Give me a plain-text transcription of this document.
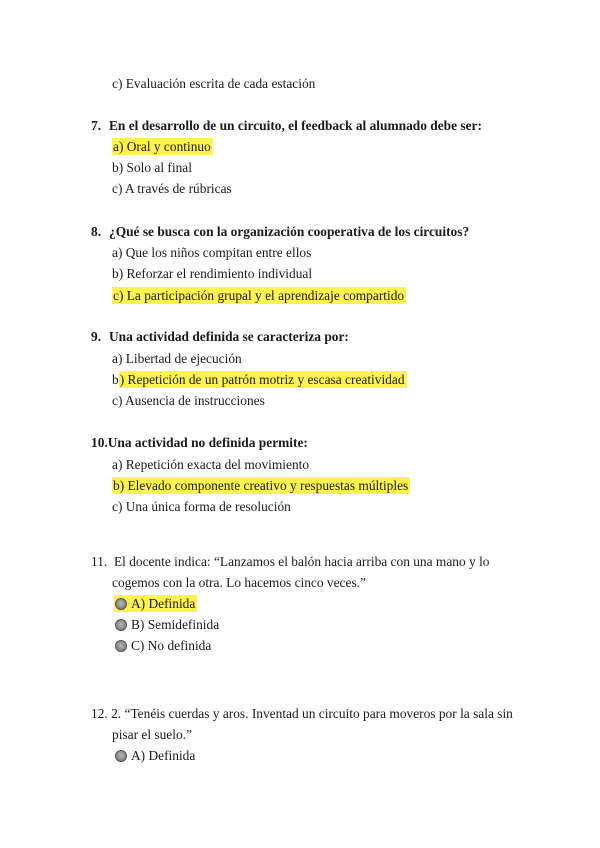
c) Evaluación escrita de cada estación
7. En el desarrollo de un circuito, el feedback al alumnado debe ser:
a) Oral y continuo
b) Solo al final
c) A través de rúbricas
8. ¿Qué se busca con la organización cooperativa de los circuitos?
a) Que los niños compitan entre ellos
b) Reforzar el rendimiento individual
c) La participación grupal y el aprendizaje compartido
9. Una actividad definida se caracteriza por:
a) Libertad de ejecución
b) Repetición de un patrón motriz y escasa creatividad
c) Ausencia de instrucciones
10.Una actividad no definida permite:
a) Repetición exacta del movimiento
b) Elevado componente creativo y respuestas múltiples
c) Una única forma de resolución
11. El docente indica: “Lanzamos el balón hacia arriba con una mano y lo
cogemos con la otra. Lo hacemos cinco veces.”
A) Definida
B) Semidefinida
C) No definida
12. 2. “Tenéis cuerdas y aros. Inventad un circuito para moveros por la sala sin
pisar el suelo.”
A) Definida
